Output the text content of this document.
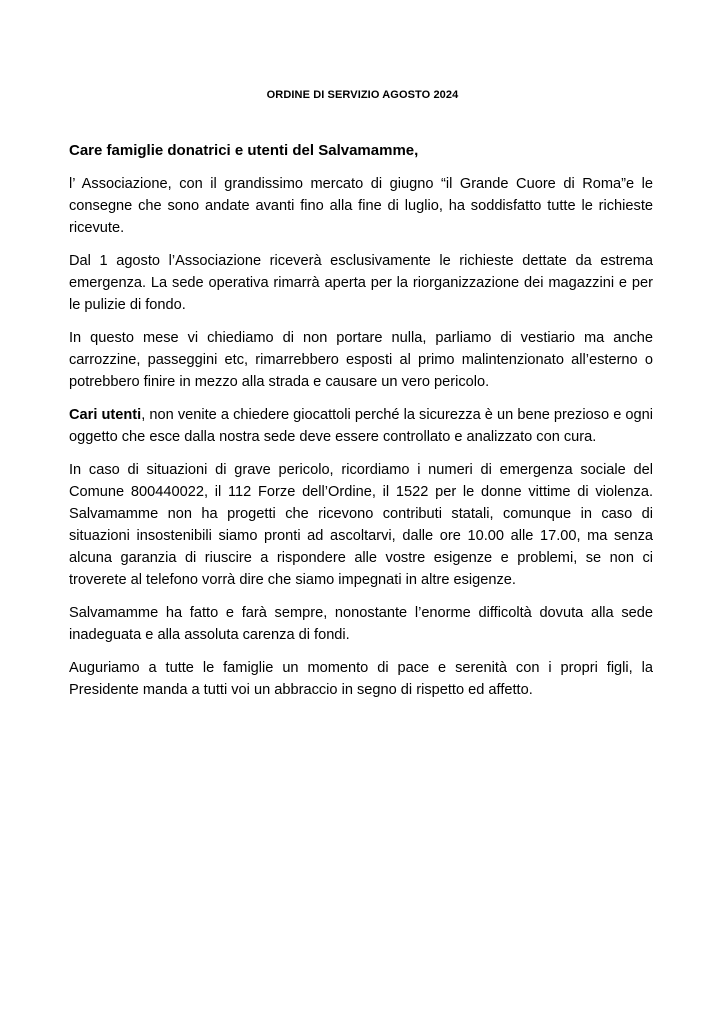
ORDINE DI SERVIZIO AGOSTO 2024
Care famiglie donatrici e utenti del Salvamamme,

l’ Associazione, con il grandissimo mercato di giugno “il Grande Cuore di Roma”e le consegne che sono andate avanti fino alla fine di luglio, ha soddisfatto tutte le richieste ricevute.

Dal 1 agosto l’Associazione riceverà esclusivamente le richieste dettate da estrema emergenza. La sede operativa rimarrà aperta per la riorganizzazione dei magazzini e per le pulizie di fondo.

In questo mese vi chiediamo di non portare nulla, parliamo di vestiario ma anche carrozzine, passeggini etc, rimarrebbero esposti al primo malintenzionato all’esterno o potrebbero finire in mezzo alla strada e causare un vero pericolo.

Cari utenti, non venite a chiedere giocattoli perché la sicurezza è un bene prezioso e ogni oggetto che esce dalla nostra sede deve essere controllato e analizzato con cura.

In caso di situazioni di grave pericolo, ricordiamo i numeri di emergenza sociale del Comune 800440022, il 112 Forze dell’Ordine, il 1522 per le donne vittime di violenza. Salvamamme non ha progetti che ricevono contributi statali, comunque in caso di situazioni insostenibili siamo pronti ad ascoltarvi, dalle ore 10.00 alle 17.00, ma senza alcuna garanzia di riuscire a rispondere alle vostre esigenze e problemi, se non ci troverete al telefono vorrà dire che siamo impegnati in altre esigenze.

Salvamamme ha fatto e farà sempre, nonostante l’enorme difficoltà dovuta alla sede inadeguata e alla assoluta carenza di fondi.

Auguriamo a tutte le famiglie un momento di pace e serenità con i propri figli, la Presidente manda a tutti voi un abbraccio in segno di rispetto ed affetto.
